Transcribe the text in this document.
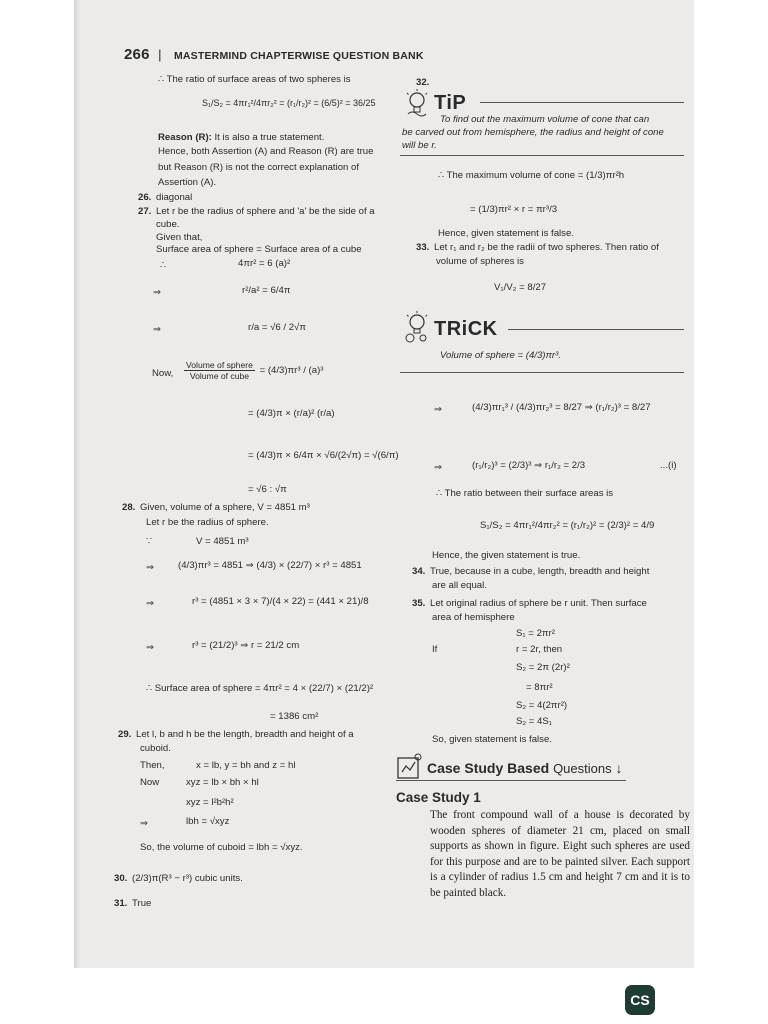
266 | MASTERMIND CHAPTERWISE QUESTION BANK
∴ The ratio of surface areas of two spheres is
S₁/S₂ = 4πr₁²/4πr₂² = (r₁/r₂)² = (6/5)² = 36/25
Reason (R): It is also a true statement.
Hence, both Assertion (A) and Reason (R) are true
but Reason (R) is not the correct explanation of
Assertion (A).
26. diagonal
27. Let r be the radius of sphere and 'a' be the side of a
cube.
Given that,
Surface area of sphere = Surface area of a cube
∴	4πr² = 6 (a)²
⇒	r²/a² = 6/4π
⇒	r/a = √6 / 2√π
Now, $\frac{\text{Volume of sphere}}{\text{Volume of cube}} = (4/3)\pi r^3 / (a)^3$
= (4/3)π × (r/a)² (r/a)
= (4/3)π × 6/4π × √6/(2√π) = √(6/π)
= √6 : √π
28. Given, volume of a sphere, V = 4851 m³
Let r be the radius of sphere.
∵	V = 4851 m³
⇒ (4/3)πr³ = 4851 ⇒ (4/3) × (22/7) × r³ = 4851
⇒	r³ = (4851 × 3 × 7)/(4 × 22) = (441 × 21)/8
⇒	r³ = (21/2)³ ⇒ r = 21/2 cm
∴ Surface area of sphere = 4πr² = 4 × (22/7) × (21/2)²
= 1386 cm²
29. Let l, b and h be the length, breadth and height of a
cuboid.
Then,	x = lb, y = bh and z = hl
Now	xyz = lb × bh × hl
xyz = l²b²h²
⇒	lbh = √xyz
So, the volume of cuboid = lbh = √xyz.
30. (2/3)π(R³ − r³) cubic units.
31. True
32.
TiP
To find out the maximum volume of cone that can
be carved out from hemisphere, the radius and height of cone
will be r.
∴ The maximum volume of cone = (1/3)πr²h
= (1/3)πr² × r = πr³/3
Hence, given statement is false.
33. Let r₁ and r₂ be the radii of two spheres. Then ratio of
volume of spheres is
V₁/V₂ = 8/27
TRiCK
Volume of sphere = (4/3)πr³.
⇒	(4/3)πr₁³ / (4/3)πr₂³ = 8/27 ⇒ (r₁/r₂)³ = 8/27
⇒	(r₁/r₂)³ = (2/3)³ ⇒ r₁/r₂ = 2/3	...(i)
∴ The ratio between their surface areas is
S₁/S₂ = 4πr₁²/4πr₂² = (r₁/r₂)² = (2/3)² = 4/9
Hence, the given statement is true.
34. True, because in a cube, length, breadth and height
are all equal.
35. Let original radius of sphere be r unit. Then surface
area of hemisphere
S₁ = 2πr²
If	r = 2r, then
S₂ = 2π (2r)²
= 8πr²
S₂ = 4(2πr²)
S₂ = 4S₁
So, given statement is false.
Case Study Based Questions ↓
Case Study 1
The front compound wall of a house is decorated by wooden spheres of diameter 21 cm, placed on small supports as shown in figure. Eight such spheres are used for this purpose and are to be painted silver. Each support is a cylinder of radius 1.5 cm and height 7 cm and it is to be painted black.
CS
